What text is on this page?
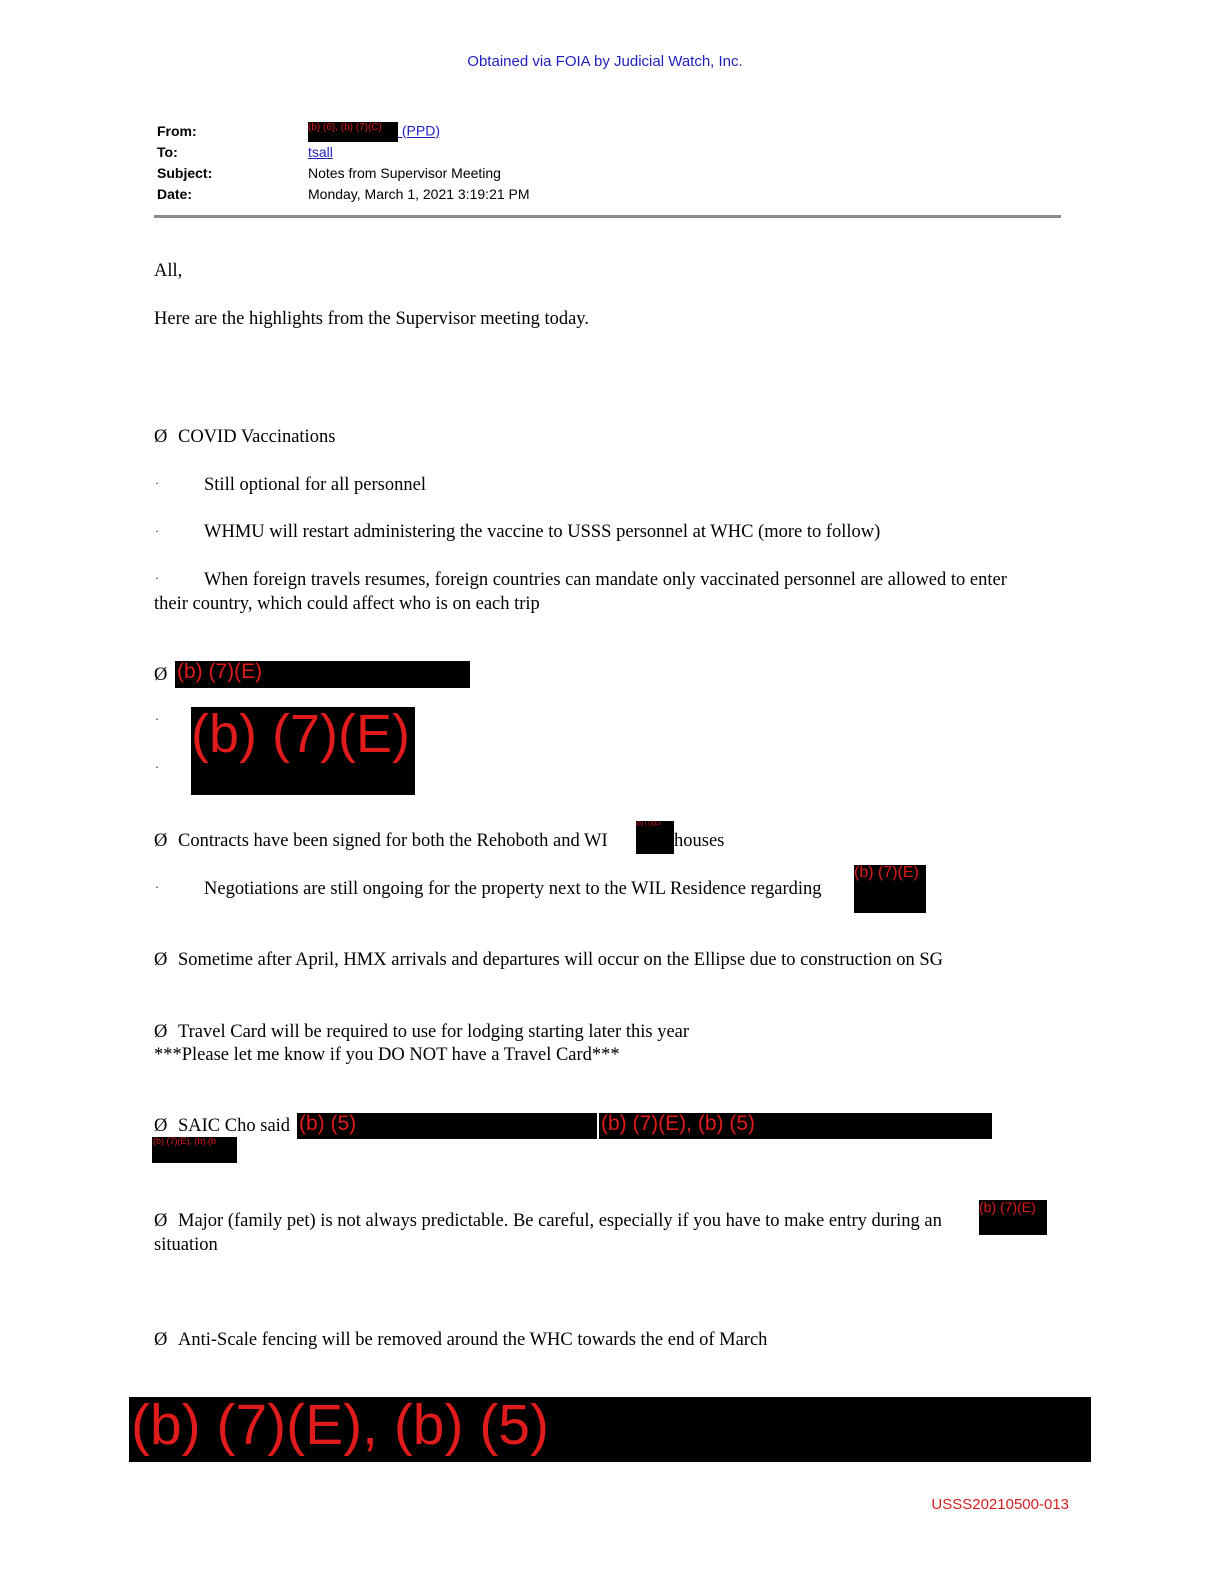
Obtained via FOIA by Judicial Watch, Inc.
From:	(b) (6), (b) (7)(C) (PPD)
To:	tsall
Subject:	Notes from Supervisor Meeting
Date:	Monday, March 1, 2021 3:19:21 PM
All,
Here are the highlights from the Supervisor meeting today.
Ø COVID Vaccinations
· Still optional for all personnel
· WHMU will restart administering the vaccine to USSS personnel at WHC (more to follow)
· When foreign travels resumes, foreign countries can mandate only vaccinated personnel are allowed to enter
their country, which could affect who is on each trip
Ø (b) (7)(E)
·
·
(b) (7)(E)
Ø Contracts have been signed for both the Rehoboth and WI
(b) (7)(E)
houses
· Negotiations are still ongoing for the property next to the WIL Residence regarding
(b) (7)(E)
Ø Sometime after April, HMX arrivals and departures will occur on the Ellipse due to construction on SG
Ø Travel Card will be required to use for lodging starting later this year
***Please let me know if you DO NOT have a Travel Card***
Ø SAIC Cho said (b) (5)	(b) (7)(E), (b) (5)
(b) (7)(E), (b) (b
Ø Major (family pet) is not always predictable. Be careful, especially if you have to make entry during an
(b) (7)(E)
situation
Ø Anti-Scale fencing will be removed around the WHC towards the end of March
(b) (7)(E), (b) (5)
USSS20210500-013
